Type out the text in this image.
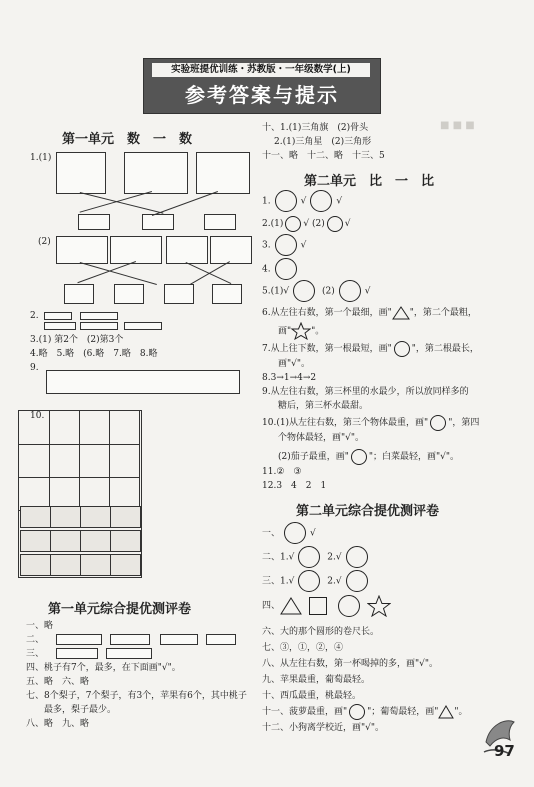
■ ■ ■
实验班提优训练・苏教版・一年级数学(上)
参考答案与提示
第一单元　数　一　数
1.(1)
(2)
2.
3.(1) 第2个　(2)第3个
4.略　5.略　(6.略　7.略　8.略
9.
10.
第一单元综合提优测评卷
一、略
二、
三、
四、桃子有7个，最多，在下面画"√"。
五、略　六、略
七、8个梨子，7个梨子，有3个，苹果有6个，其中桃子
最多，梨子最少。
八、略　九、略
十、1.(1)三角旗　(2)骨头
2.(1)三角星　(2)三角形
十一、略　十二、略　十三、5
第二单元　比　一　比
1.	√	√
2.(1) √ (2) √
3.	√
4.
5.(1)√	(2)	√
6.从左往右数，第一个最细，画" "，第二个最粗，
画" "。
7.从上往下数，第一根最短，画" "，第二根最长，
画"√"。
8.3→1→4→2
9.从左往右数，第三杯里的水最少，所以放同样多的
糖后，第三杯水最甜。
10.(1)从左往右数，第三个物体最重，画" "，第四
个物体最轻，画"√"。
(2)茄子最重，画" "；白菜最轻，画"√"。
11.②　③
12.3　4　2　1
第二单元综合提优测评卷
一、	√
二、1.√	2.√
三、1.√	2.√
四、
六、大的那个圆形的卷尺长。
七、③，①，②，④
八、从左往右数，第一杯喝掉的多，画"√"。
九、苹果最重，葡萄最轻。
十、西瓜最重，桃最轻。
十一、菠萝最重，画" "；葡萄最轻，画" "。
十二、小狗离学校近，画"√"。
97
